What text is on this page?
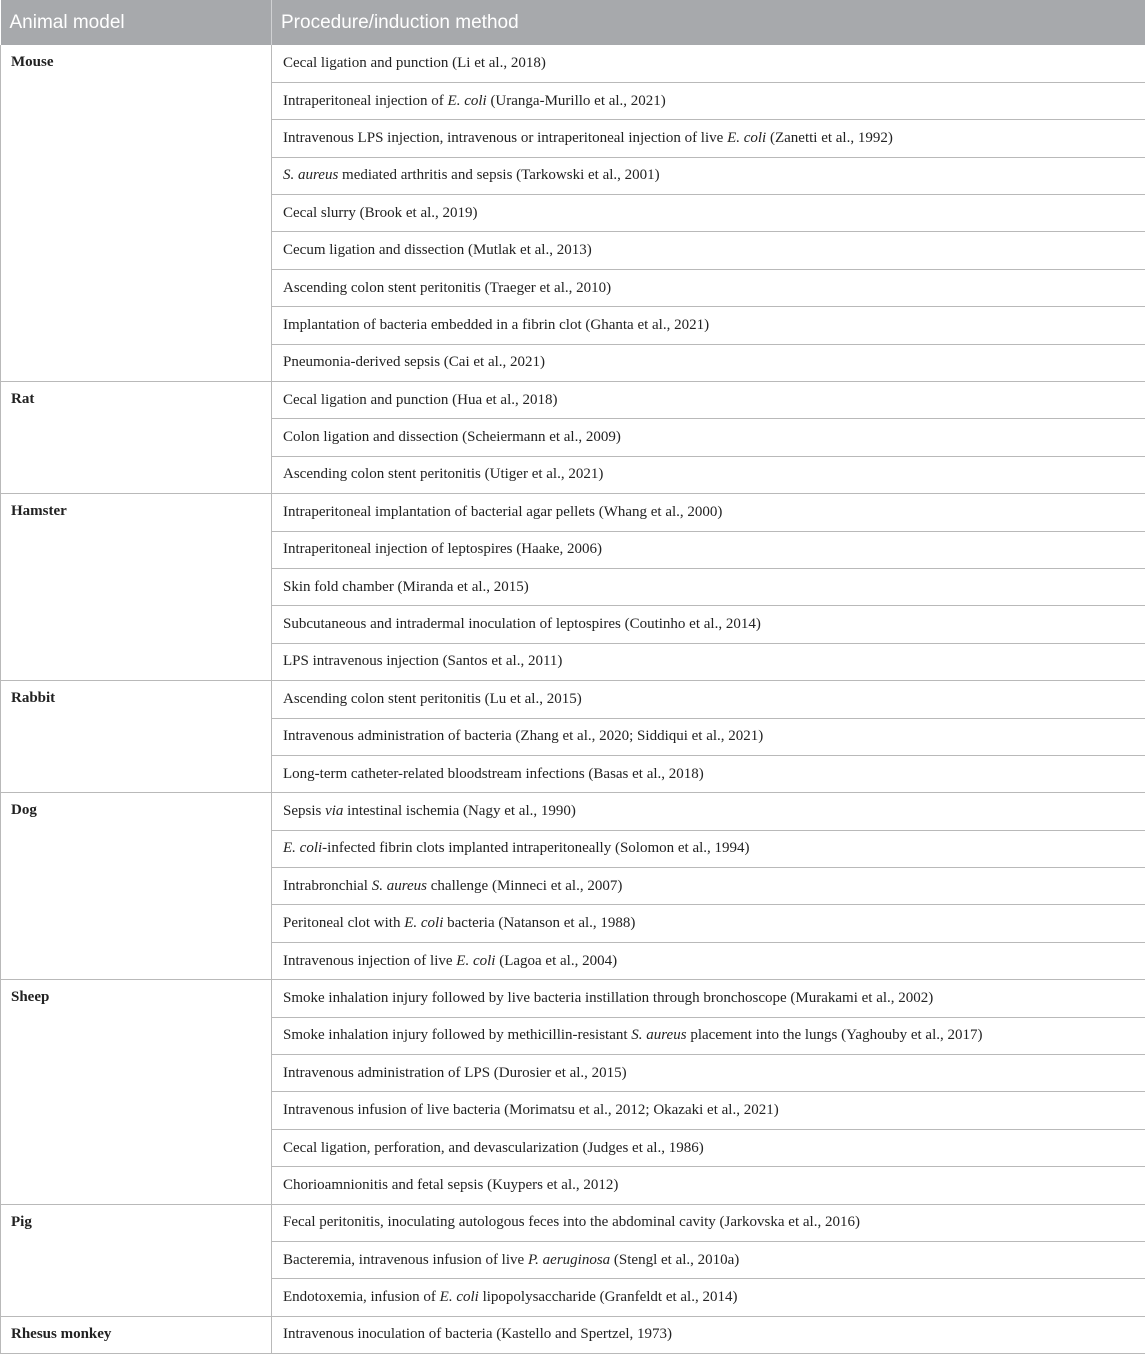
Animal model	Procedure/induction method
Mouse	Cecal ligation and punction (Li et al., 2018)
	Intraperitoneal injection of E. coli (Uranga-Murillo et al., 2021)
	Intravenous LPS injection, intravenous or intraperitoneal injection of live E. coli (Zanetti et al., 1992)
	S. aureus mediated arthritis and sepsis (Tarkowski et al., 2001)
	Cecal slurry (Brook et al., 2019)
	Cecum ligation and dissection (Mutlak et al., 2013)
	Ascending colon stent peritonitis (Traeger et al., 2010)
	Implantation of bacteria embedded in a fibrin clot (Ghanta et al., 2021)
	Pneumonia-derived sepsis (Cai et al., 2021)
Rat	Cecal ligation and punction (Hua et al., 2018)
	Colon ligation and dissection (Scheiermann et al., 2009)
	Ascending colon stent peritonitis (Utiger et al., 2021)
Hamster	Intraperitoneal implantation of bacterial agar pellets (Whang et al., 2000)
	Intraperitoneal injection of leptospires (Haake, 2006)
	Skin fold chamber (Miranda et al., 2015)
	Subcutaneous and intradermal inoculation of leptospires (Coutinho et al., 2014)
	LPS intravenous injection (Santos et al., 2011)
Rabbit	Ascending colon stent peritonitis (Lu et al., 2015)
	Intravenous administration of bacteria (Zhang et al., 2020; Siddiqui et al., 2021)
	Long-term catheter-related bloodstream infections (Basas et al., 2018)
Dog	Sepsis via intestinal ischemia (Nagy et al., 1990)
	E. coli-infected fibrin clots implanted intraperitoneally (Solomon et al., 1994)
	Intrabronchial S. aureus challenge (Minneci et al., 2007)
	Peritoneal clot with E. coli bacteria (Natanson et al., 1988)
	Intravenous injection of live E. coli (Lagoa et al., 2004)
Sheep	Smoke inhalation injury followed by live bacteria instillation through bronchoscope (Murakami et al., 2002)
	Smoke inhalation injury followed by methicillin-resistant S. aureus placement into the lungs (Yaghouby et al., 2017)
	Intravenous administration of LPS (Durosier et al., 2015)
	Intravenous infusion of live bacteria (Morimatsu et al., 2012; Okazaki et al., 2021)
	Cecal ligation, perforation, and devascularization (Judges et al., 1986)
	Chorioamnionitis and fetal sepsis (Kuypers et al., 2012)
Pig	Fecal peritonitis, inoculating autologous feces into the abdominal cavity (Jarkovska et al., 2016)
	Bacteremia, intravenous infusion of live P. aeruginosa (Stengl et al., 2010a)
	Endotoxemia, infusion of E. coli lipopolysaccharide (Granfeldt et al., 2014)
Rhesus monkey	Intravenous inoculation of bacteria (Kastello and Spertzel, 1973)
